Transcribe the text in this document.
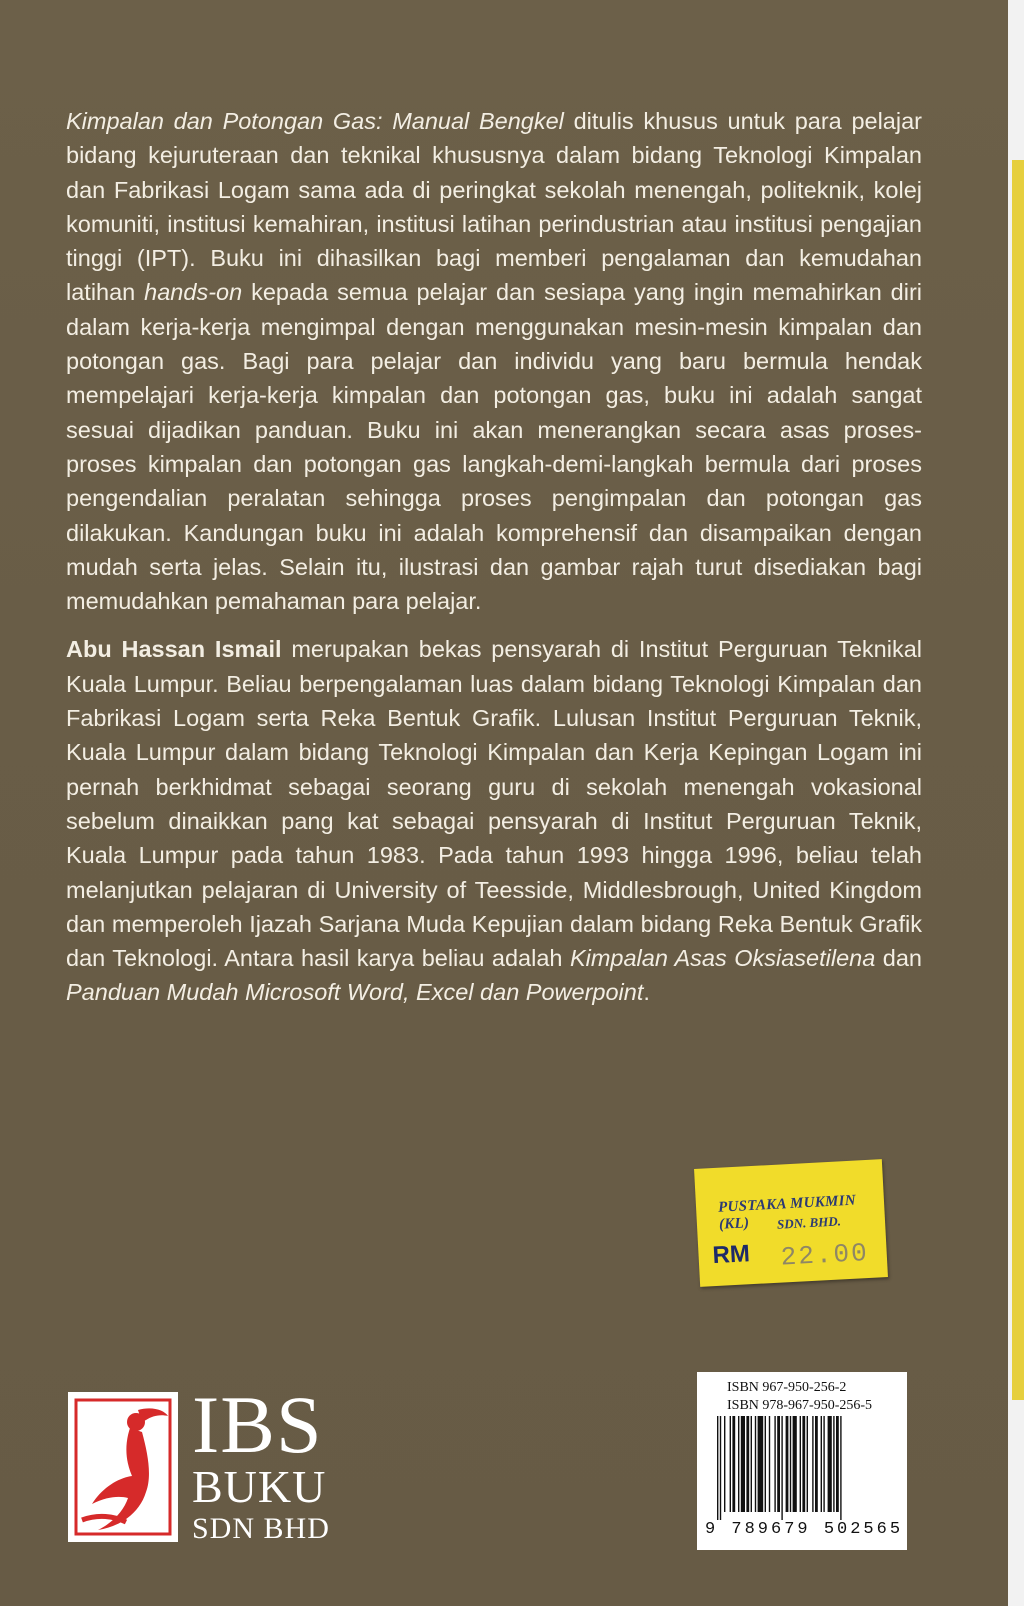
Kimpalan dan Potongan Gas: Manual Bengkel ditulis khusus untuk para pelajar bidang kejuruteraan dan teknikal khususnya dalam bidang Teknologi Kimpalan dan Fabrikasi Logam sama ada di peringkat sekolah menengah, politeknik, kolej komuniti, institusi kemahiran, institusi latihan perindustrian atau institusi pengajian tinggi (IPT). Buku ini dihasilkan bagi memberi pengalaman dan kemudahan latihan hands-on kepada semua pelajar dan sesiapa yang ingin memahirkan diri dalam kerja-kerja mengimpal dengan menggunakan mesin-mesin kimpalan dan potongan gas. Bagi para pelajar dan individu yang baru bermula hendak mempelajari kerja-kerja kimpalan dan potongan gas, buku ini adalah sangat sesuai dijadikan panduan. Buku ini akan menerangkan secara asas proses-proses kimpalan dan potongan gas langkah-demi-langkah bermula dari proses pengendalian peralatan sehingga proses pengimpalan dan potongan gas dilakukan. Kandungan buku ini adalah komprehensif dan disampaikan dengan mudah serta jelas. Selain itu, ilustrasi dan gambar rajah turut disediakan bagi memudahkan pemahaman para pelajar.

Abu Hassan Ismail merupakan bekas pensyarah di Institut Perguruan Teknikal Kuala Lumpur. Beliau berpengalaman luas dalam bidang Teknologi Kimpalan dan Fabrikasi Logam serta Reka Bentuk Grafik. Lulusan Institut Perguruan Teknik, Kuala Lumpur dalam bidang Teknologi Kimpalan dan Kerja Kepingan Logam ini pernah berkhidmat sebagai seorang guru di sekolah menengah vokasional sebelum dinaikkan pang kat sebagai pensyarah di Institut Perguruan Teknik, Kuala Lumpur pada tahun 1983. Pada tahun 1993 hingga 1996, beliau telah melanjutkan pelajaran di University of Teesside, Middlesbrough, United Kingdom dan memperoleh Ijazah Sarjana Muda Kepujian dalam bidang Reka Bentuk Grafik dan Teknologi. Antara hasil karya beliau adalah Kimpalan Asas Oksiasetilena dan Panduan Mudah Microsoft Word, Excel dan Powerpoint.

PUSTAKA MUKMIN (KL)	SDN. BHD.
RM 22.00
IBS
BUKU
SDN BHD
ISBN 967-950-256-2
ISBN 978-967-950-256-5
9 789679 502565
